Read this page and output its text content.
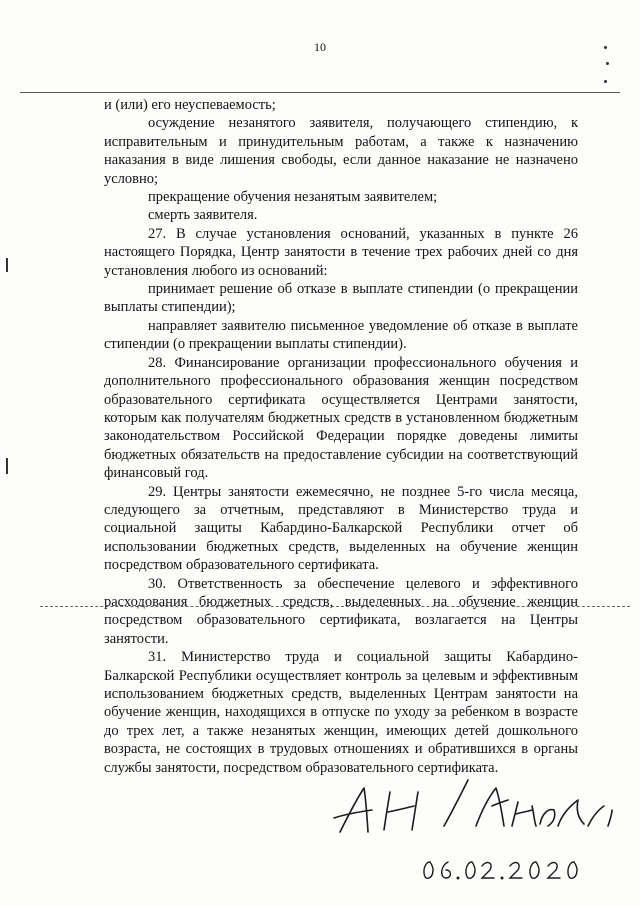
10

и (или) его неуспеваемость;

осуждение незанятого заявителя, получающего стипендию, к исправительным и принудительным работам, а также к назначению наказания в виде лишения свободы, если данное наказание не назначено условно;

прекращение обучения незанятым заявителем;

смерть заявителя.

27. В случае установления оснований, указанных в пункте 26 настоящего Порядка, Центр занятости в течение трех рабочих дней со дня установления любого из оснований:

принимает решение об отказе в выплате стипендии (о прекращении выплаты стипендии);

направляет заявителю письменное уведомление об отказе в выплате стипендии (о прекращении выплаты стипендии).

28. Финансирование организации профессионального обучения и дополнительного профессионального образования женщин посредством образовательного сертификата осуществляется Центрами занятости, которым как получателям бюджетных средств в установленном бюджетным законодательством Российской Федерации порядке доведены лимиты бюджетных обязательств на предоставление субсидии на соответствующий финансовый год.

29. Центры занятости ежемесячно, не позднее 5-го числа месяца, следующего за отчетным, представляют в Министерство труда и социальной защиты Кабардино-Балкарской Республики отчет об использовании бюджетных средств, выделенных на обучение женщин посредством образовательного сертификата.

30. Ответственность за обеспечение целевого и эффективного расходования бюджетных средств, выделенных на обучение женщин посредством образовательного сертификата, возлагается на Центры занятости.

31. Министерство труда и социальной защиты Кабардино-Балкарской Республики осуществляет контроль за целевым и эффективным использованием бюджетных средств, выделенных Центрам занятости на обучение женщин, находящихся в отпуске по уходу за ребенком в возрасте до трех лет, а также незанятых женщин, имеющих детей дошкольного возраста, не состоящих в трудовых отношениях и обратившихся в органы службы занятости, посредством образовательного сертификата.
